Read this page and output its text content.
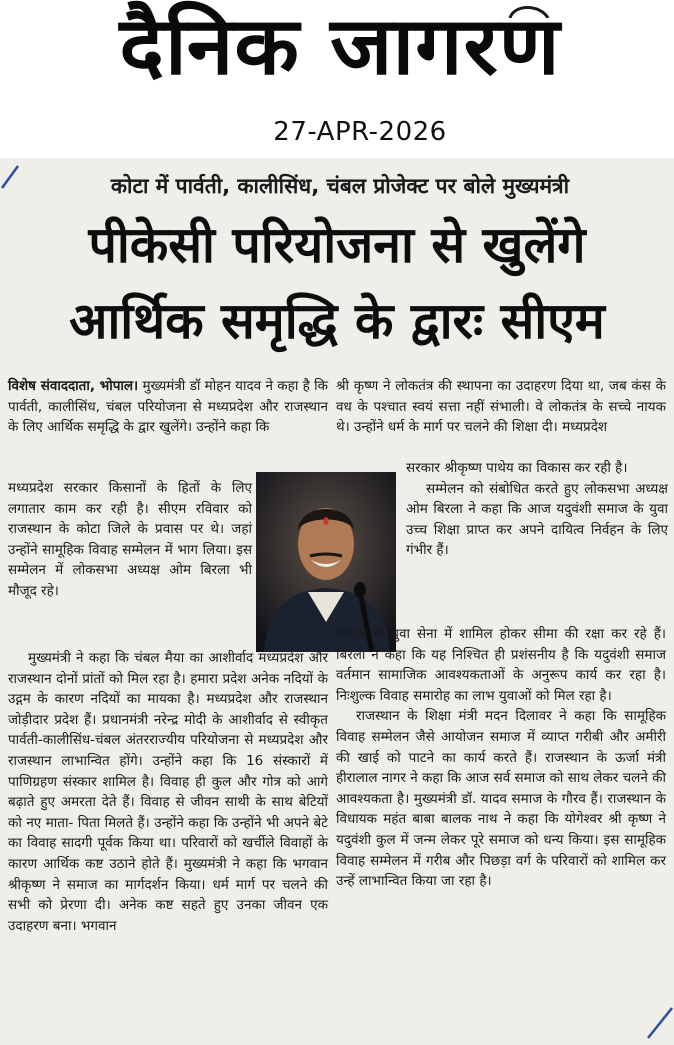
दैनिक जागरण
27-APR-2026
कोटा में पार्वती, कालीसिंध, चंबल प्रोजेक्ट पर बोले मुख्यमंत्री
पीकेसी परियोजना से खुलेंगे
आर्थिक समृद्धि के द्वारः सीएम

विशेष संवाददाता, भोपाल। मुख्यमंत्री डॉ मोहन यादव ने कहा है कि पार्वती, कालीसिंध, चंबल परियोजना से मध्यप्रदेश और राजस्थान के लिए आर्थिक समृद्धि के द्वार खुलेंगे। उन्होंने कहा कि

मध्यप्रदेश सरकार किसानों के हितों के लिए लगातार काम कर रही है। सीएम रविवार को राजस्थान के कोटा जिले के प्रवास पर थे। जहां उन्होंने सामूहिक विवाह सम्मेलन में भाग लिया। इस सम्मेलन में लोकसभा अध्यक्ष ओम बिरला भी मौजूद रहे।

मुख्यमंत्री ने कहा कि चंबल मैया का आशीर्वाद मध्यप्रदेश और राजस्थान दोनों प्रांतों को मिल रहा है। हमारा प्रदेश अनेक नदियों के उद्गम के कारण नदियों का मायका है। मध्यप्रदेश और राजस्थान जोड़ीदार प्रदेश हैं। प्रधानमंत्री नरेन्द्र मोदी के आशीर्वाद से स्वीकृत पार्वती-कालीसिंध-चंबल अंतरराज्यीय परियोजना से मध्यप्रदेश और राजस्थान लाभान्वित होंगे। उन्होंने कहा कि 16 संस्कारों में पाणिग्रहण संस्कार शामिल है। विवाह ही कुल और गोत्र को आगे बढ़ाते हुए अमरता देते हैं। विवाह से जीवन साथी के साथ बेटियों को नए माता- पिता मिलते हैं। उन्होंने कहा कि उन्होंने भी अपने बेटे का विवाह सादगी पूर्वक किया था। परिवारों को खर्चीले विवाहों के कारण आर्थिक कष्ट उठाने होते हैं। मुख्यमंत्री ने कहा कि भगवान श्रीकृष्ण ने समाज का मार्गदर्शन किया। धर्म मार्ग पर चलने की सभी को प्रेरणा दी। अनेक कष्ट सहते हुए उनका जीवन एक उदाहरण बना। भगवान

श्री कृष्ण ने लोकतंत्र की स्थापना का उदाहरण दिया था, जब कंस के वध के पश्चात स्वयं सत्ता नहीं संभाली। वे लोकतंत्र के सच्चे नायक थे। उन्होंने धर्म के मार्ग पर चलने की शिक्षा दी। मध्यप्रदेश

सरकार श्रीकृष्ण पाथेय का विकास कर रही है।

सम्मेलन को संबोधित करते हुए लोकसभा अध्यक्ष ओम बिरला ने कहा कि आज यदुवंशी समाज के युवा उच्च शिक्षा प्राप्त कर अपने दायित्व निर्वहन के लिए गंभीर हैं।

समाज के युवा सेना में शामिल होकर सीमा की रक्षा कर रहे हैं। बिरला ने कहा कि यह निश्चित ही प्रशंसनीय है कि यदुवंशी समाज वर्तमान सामाजिक आवश्यकताओं के अनुरूप कार्य कर रहा है। निःशुल्क विवाह समारोह का लाभ युवाओं को मिल रहा है।

राजस्थान के शिक्षा मंत्री मदन दिलावर ने कहा कि सामूहिक विवाह सम्मेलन जैसे आयोजन समाज में व्याप्त गरीबी और अमीरी की खाई को पाटने का कार्य करते हैं। राजस्थान के ऊर्जा मंत्री हीरालाल नागर ने कहा कि आज सर्व समाज को साथ लेकर चलने की आवश्यकता है। मुख्यमंत्री डॉ. यादव समाज के गौरव हैं। राजस्थान के विधायक महंत बाबा बालक नाथ ने कहा कि योगेश्वर श्री कृष्ण ने यदुवंशी कुल में जन्म लेकर पूरे समाज को धन्य किया। इस सामूहिक विवाह सम्मेलन में गरीब और पिछड़ा वर्ग के परिवारों को शामिल कर उन्हें लाभान्वित किया जा रहा है।
